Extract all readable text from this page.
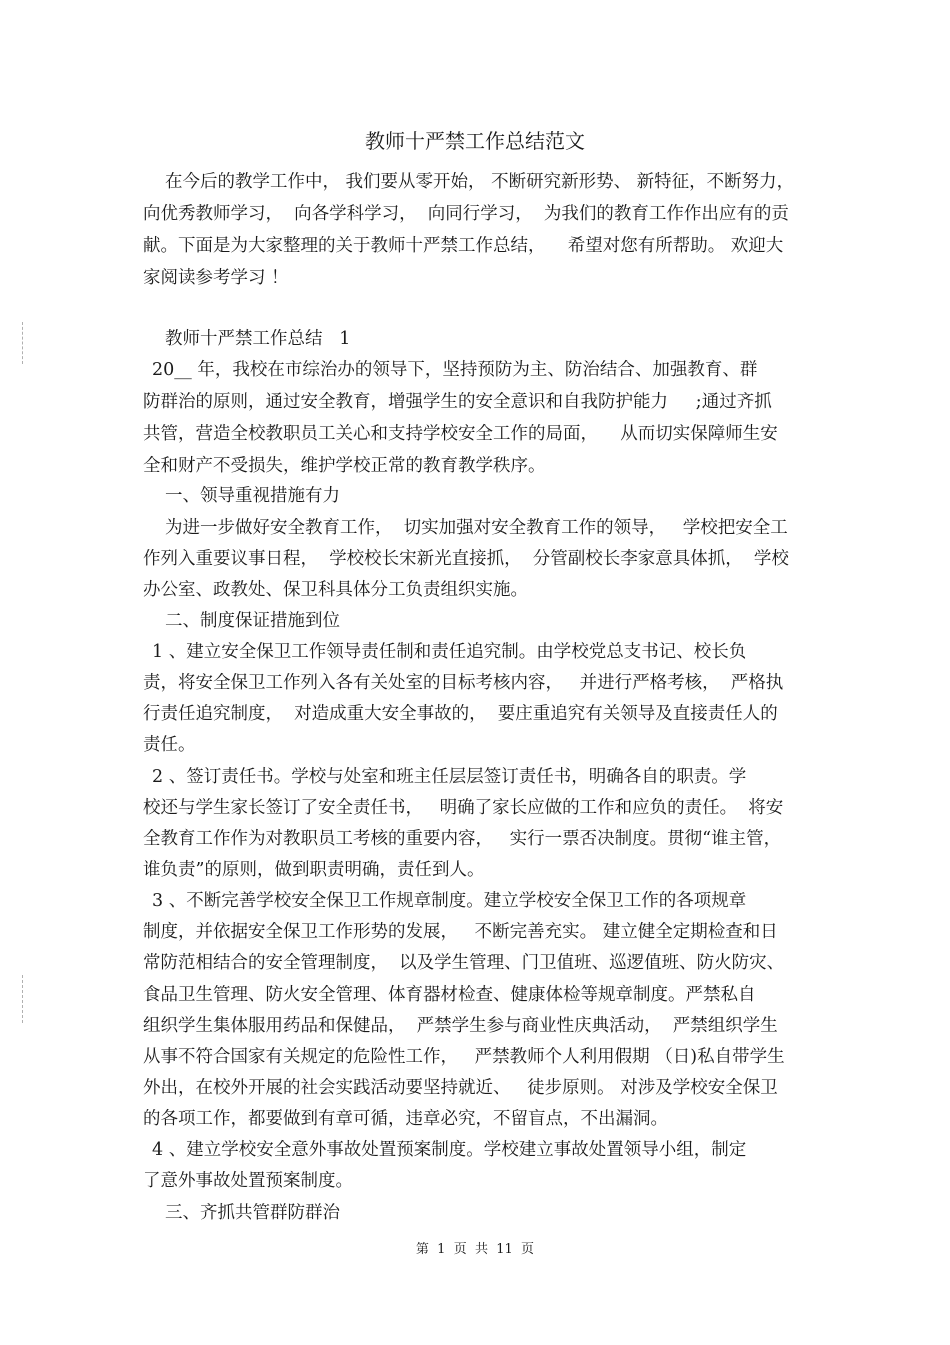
教师十严禁工作总结范文
在今后的教学工作中， 我们要从零开始， 不断研究新形势、 新特征，不断努力，
向优秀教师学习，  向各学科学习，  向同行学习，  为我们的教育工作作出应有的贡
献。下面是为大家整理的关于教师十严禁工作总结，    希望对您有所帮助。 欢迎大
家阅读参考学习 ！
教师十严禁工作总结   1
20__ 年，我校在市综治办的领导下，坚持预防为主、防治结合、加强教育、群
防群治的原则，通过安全教育，增强学生的安全意识和自我防护能力     ;通过齐抓
共管，营造全校教职员工关心和支持学校安全工作的局面，    从而切实保障师生安
全和财产不受损失，维护学校正常的教育教学秩序。
一、领导重视措施有力
为进一步做好安全教育工作，  切实加强对安全教育工作的领导，   学校把安全工
作列入重要议事日程，  学校校长宋新光直接抓，  分管副校长李家意具体抓，  学校
办公室、政教处、保卫科具体分工负责组织实施。
二、制度保证措施到位
1 、建立安全保卫工作领导责任制和责任追究制。由学校党总支书记、校长负
责，将安全保卫工作列入各有关处室的目标考核内容，   并进行严格考核，  严格执
行责任追究制度，  对造成重大安全事故的，  要庄重追究有关领导及直接责任人的
责任。
2 、签订责任书。学校与处室和班主任层层签订责任书，明确各自的职责。学
校还与学生家长签订了安全责任书，   明确了家长应做的工作和应负的责任。  将安
全教育工作作为对教职员工考核的重要内容，   实行一票否决制度。贯彻“谁主管，
谁负责”的原则，做到职责明确，责任到人。
3 、不断完善学校安全保卫工作规章制度。建立学校安全保卫工作的各项规章
制度，并依据安全保卫工作形势的发展，   不断完善充实。 建立健全定期检查和日
常防范相结合的安全管理制度，  以及学生管理、门卫值班、巡逻值班、防火防灾、
食品卫生管理、防火安全管理、体育器材检查、健康体检等规章制度。严禁私自
组织学生集体服用药品和保健品，  严禁学生参与商业性庆典活动，  严禁组织学生
从事不符合国家有关规定的危险性工作，   严禁教师个人利用假期 （日)私自带学生
外出，在校外开展的社会实践活动要坚持就近、   徒步原则。 对涉及学校安全保卫
的各项工作，都要做到有章可循，违章必究，不留盲点，不出漏洞。
4 、建立学校安全意外事故处置预案制度。学校建立事故处置领导小组，制定
了意外事故处置预案制度。
三、齐抓共管群防群治
第  1  页  共  11  页
